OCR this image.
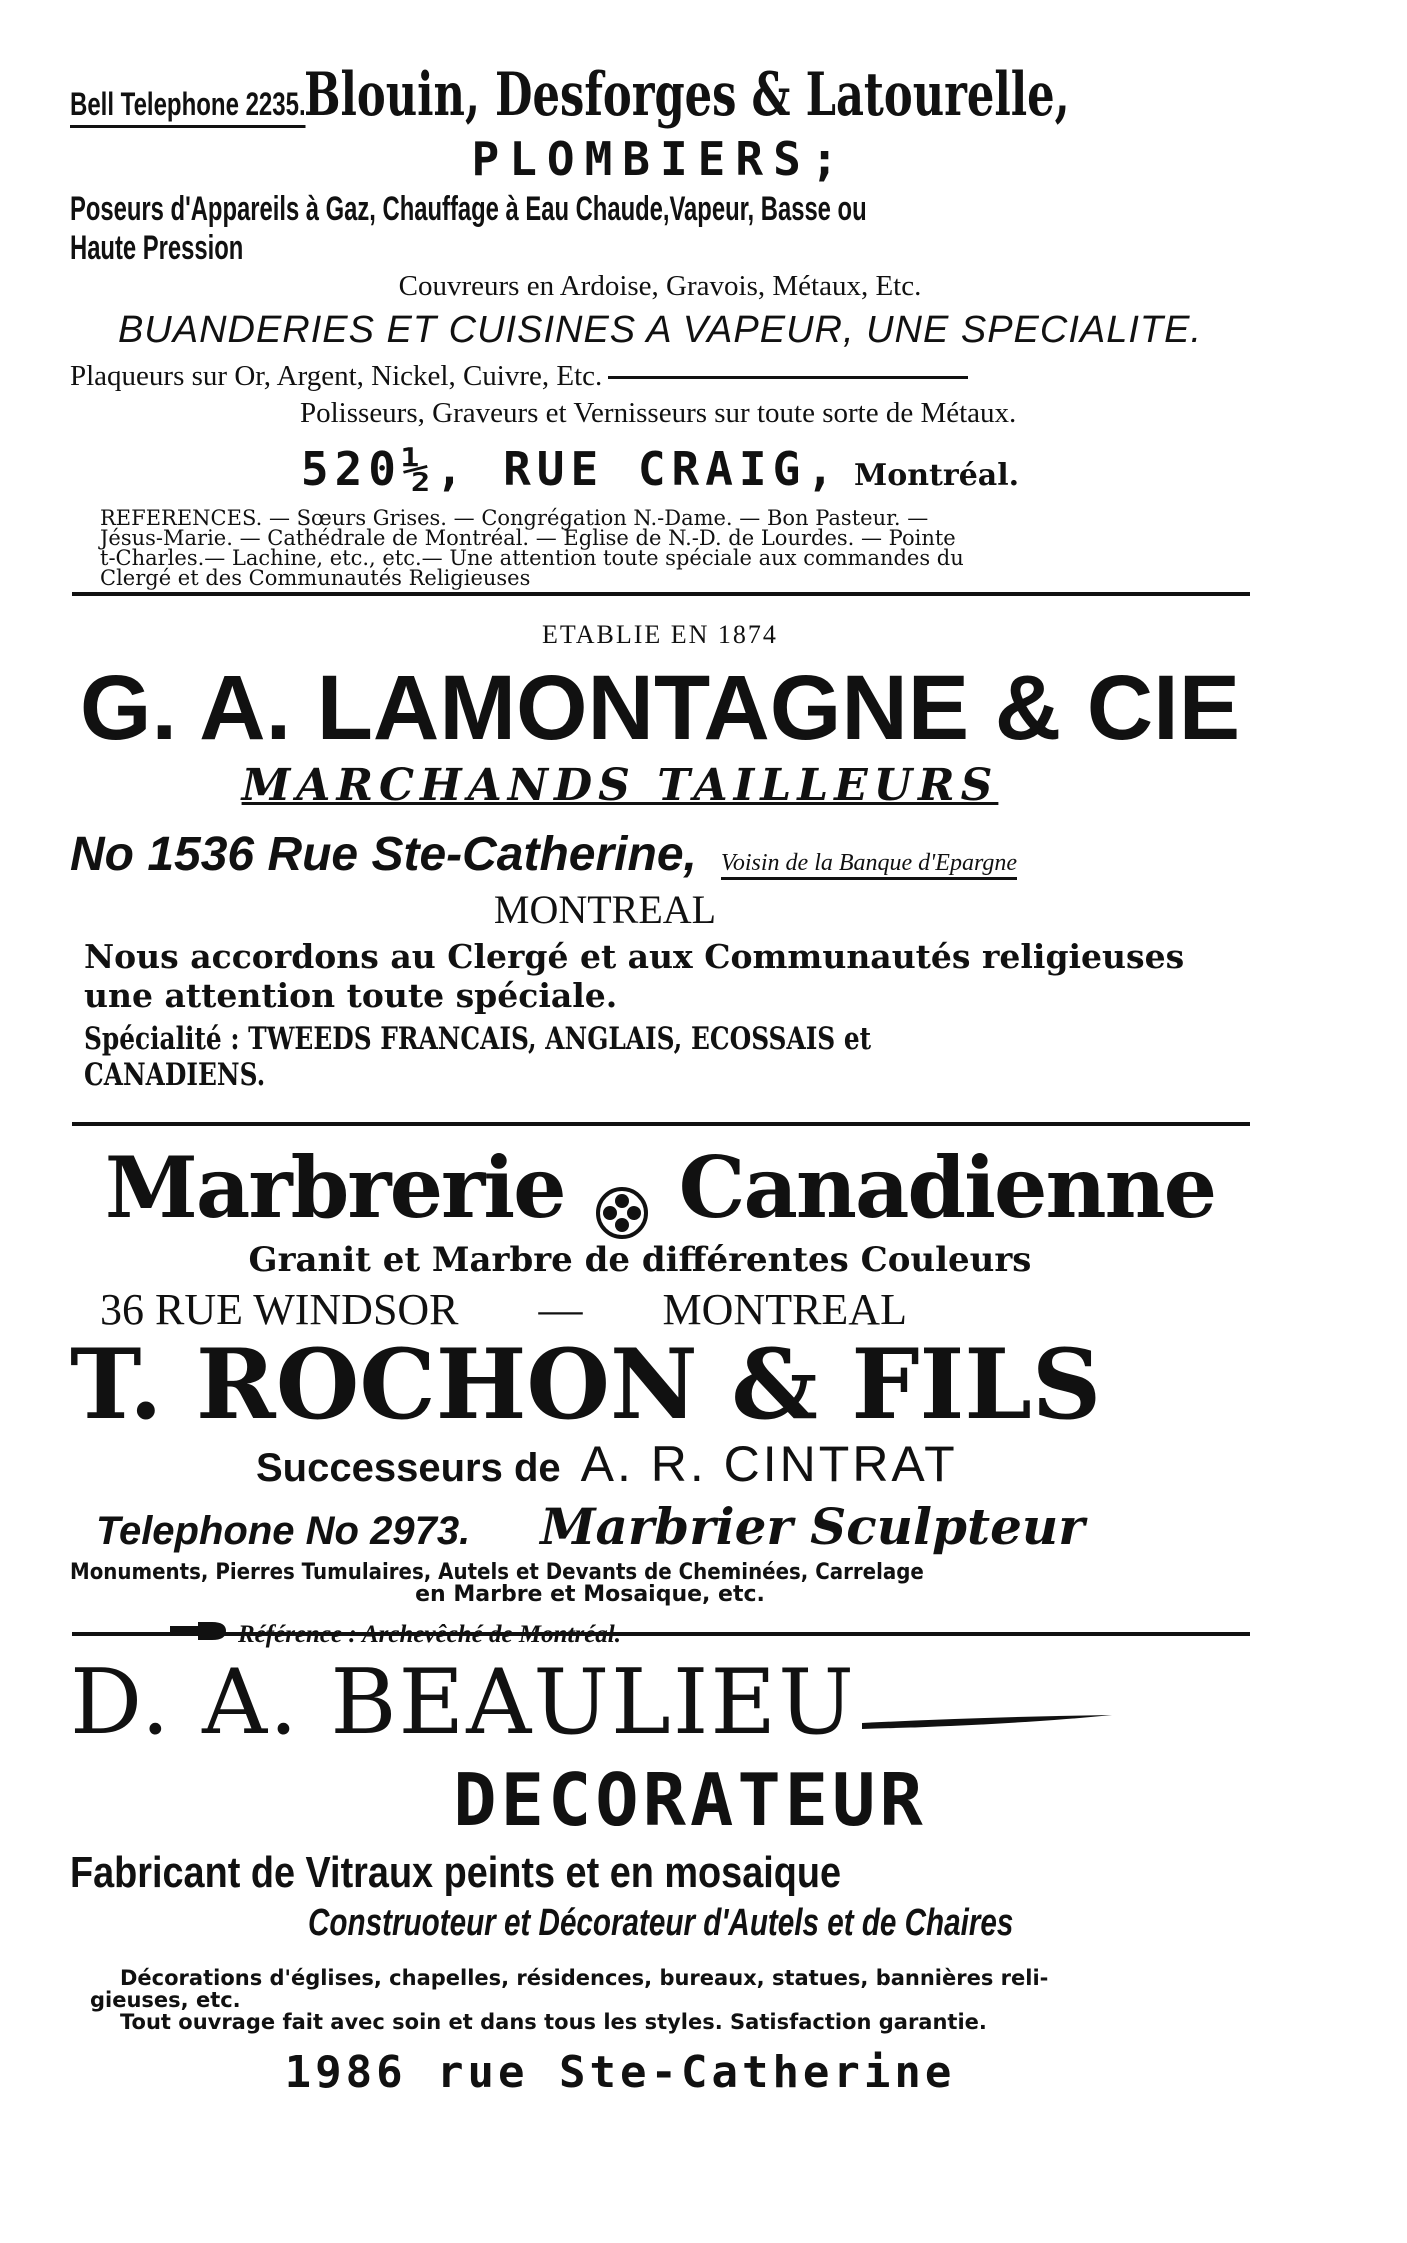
Bell Telephone 2235.
Blouin, Desforges & Latourelle,
PLOMBIERS;
Poseurs d'Appareils à Gaz, Chauffage à Eau Chaude,Vapeur, Basse ou Haute Pression
Couvreurs en Ardoise, Gravois, Métaux, Etc.
BUANDERIES ET CUISINES A VAPEUR, UNE SPECIALITE.
Plaqueurs sur Or, Argent, Nickel, Cuivre, Etc.
Polisseurs, Graveurs et Vernisseurs sur toute sorte de Métaux.
520½, RUE CRAIG, Montréal.
REFERENCES. — Sœurs Grises. — Congrégation N.-Dame. — Bon Pasteur. —
Jésus-Marie. — Cathédrale de Montréal. — Eglise de N.-D. de Lourdes. — Pointe
t-Charles.— Lachine, etc., etc.— Une attention toute spéciale aux commandes du
Clergé et des Communautés Religieuses
ETABLIE EN 1874
G. A. LAMONTAGNE & CIE
MARCHANDS TAILLEURS
No 1536 Rue Ste-Catherine, Voisin de la Banque d'Epargne
MONTREAL
Nous accordons au Clergé et aux Communautés religieuses
une attention toute spéciale.
Spécialité : TWEEDS FRANCAIS, ANGLAIS, ECOSSAIS et CANADIENS.
Marbrerie Canadienne
Granit et Marbre de différentes Couleurs
36 RUE WINDSOR — MONTREAL
T. ROCHON & FILS
Successeurs de A. R. CINTRAT
Telephone No 2973. Marbrier Sculpteur
Monuments, Pierres Tumulaires, Autels et Devants de Cheminées, Carrelage
en Marbre et Mosaique, etc.
Référence : Archevêché de Montréal.
D. A. BEAULIEU
DECORATEUR
Fabricant de Vitraux peints et en mosaique
Construoteur et Décorateur d'Autels et de Chaires
Décorations d'églises, chapelles, résidences, bureaux, statues, bannières reli-
gieuses, etc.
Tout ouvrage fait avec soin et dans tous les styles. Satisfaction garantie.
1986 rue Ste-Catherine
